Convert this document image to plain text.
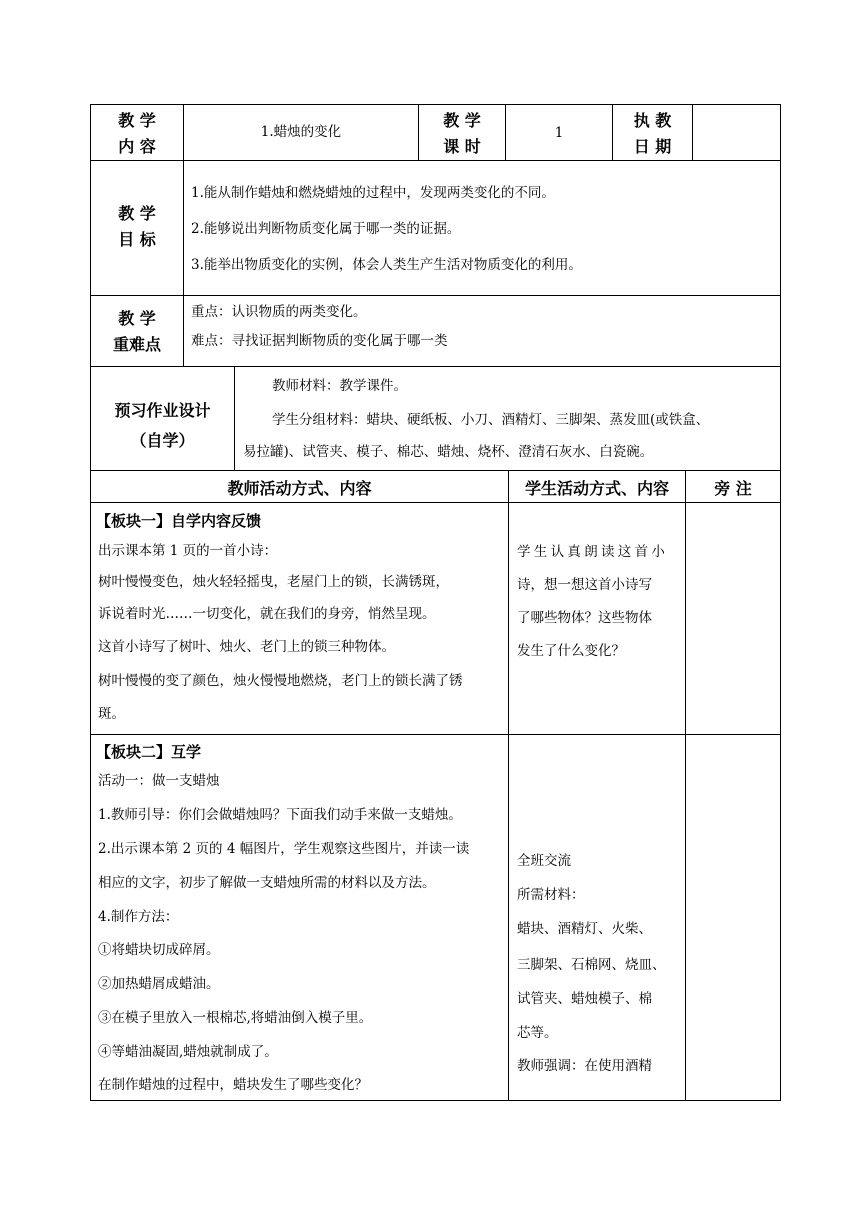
教 学
内 容
1.蜡烛的变化
教 学
课 时
1
执 教
日 期
教 学
目 标
1.能从制作蜡烛和燃烧蜡烛的过程中，发现两类变化的不同。
2.能够说出判断物质变化属于哪一类的证据。
3.能举出物质变化的实例，体会人类生产生活对物质变化的利用。
教 学
重难点
重点：认识物质的两类变化。
难点：寻找证据判断物质的变化属于哪一类
预习作业设计
（自学）
教师材料：教学课件。
学生分组材料：蜡块、硬纸板、小刀、酒精灯、三脚架、蒸发皿(或铁盒、
易拉罐)、试管夹、模子、棉芯、蜡烛、烧杯、澄清石灰水、白瓷碗。
教师活动方式、内容	学生活动方式、内容	旁 注
【板块一】自学内容反馈
出示课本第 1 页的一首小诗：
树叶慢慢变色，烛火轻轻摇曳，老屋门上的锁，长满锈斑，
诉说着时光……一切变化，就在我们的身旁，悄然呈现。
这首小诗写了树叶、烛火、老门上的锁三种物体。
树叶慢慢的变了颜色，烛火慢慢地燃烧，老门上的锁长满了锈
斑。
学生认真朗读这首小
诗，想一想这首小诗写
了哪些物体？这些物体
发生了什么变化？
【板块二】互学
活动一：做一支蜡烛
1.教师引导：你们会做蜡烛吗？下面我们动手来做一支蜡烛。
2.出示课本第 2 页的 4 幅图片，学生观察这些图片，并读一读
相应的文字，初步了解做一支蜡烛所需的材料以及方法。
4.制作方法：
①将蜡块切成碎屑。
②加热蜡屑成蜡油。
③在模子里放入一根棉芯,将蜡油倒入模子里。
④等蜡油凝固,蜡烛就制成了。
在制作蜡烛的过程中，蜡块发生了哪些变化？
全班交流
所需材料：
蜡块、酒精灯、火柴、
三脚架、石棉网、烧皿、
试管夹、蜡烛模子、棉
芯等。
教师强调：在使用酒精
